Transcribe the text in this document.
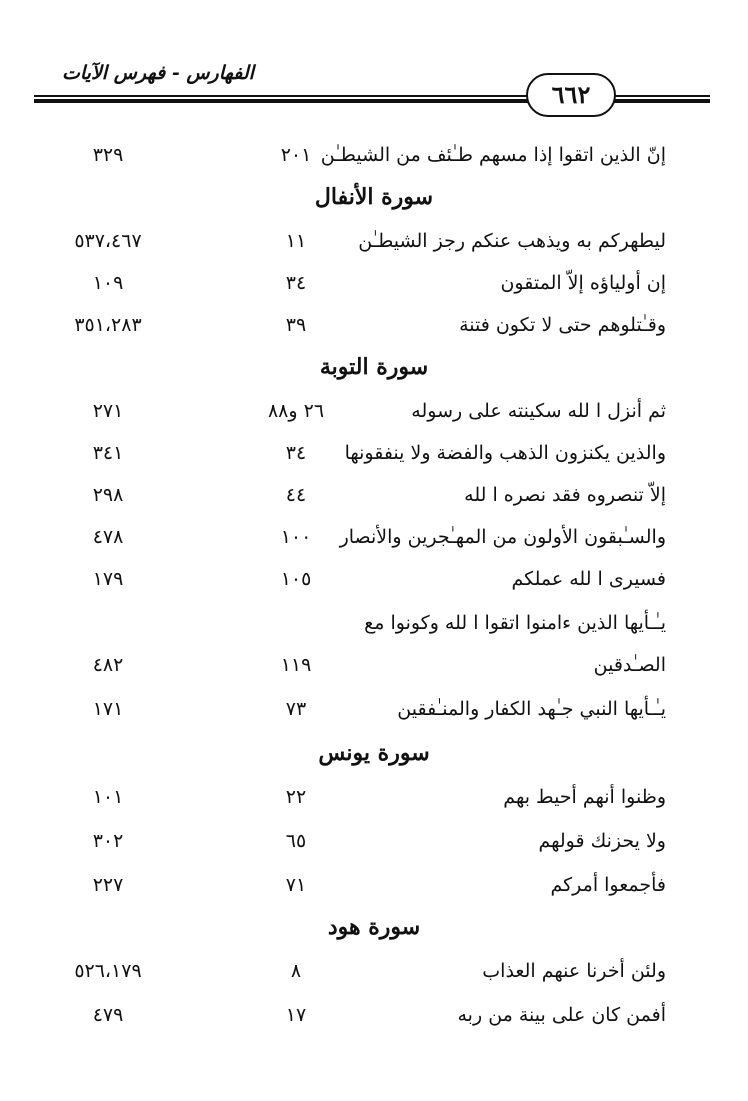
الفهارس - فهرس الآيات
٦٦٢
إنّ الذين اتقوا إذا مسهم طـٰئف من الشيطـٰن
٢٠١
٣٢٩
سورة الأنفال
ليطهركم به ويذهب عنكم رجز الشيطـٰن
١١
٥٣٧،٤٦٧
إن أولياؤه إلاّ المتقون
٣٤
١٠٩
وقـٰتلوهم حتى لا تكون فتنة
٣٩
٣٥١،٢٨٣
سورة التوبة
ثم أنزل ا لله سكينته على رسوله
٢٦ و٨٨
٢٧١
والذين يكنزون الذهب والفضة ولا ينفقونها
٣٤
٣٤١
إلاّ تنصروه فقد نصره ا لله
٤٤
٢٩٨
والسـٰبقون الأولون من المهـٰجرين والأنصار
١٠٠
٤٧٨
فسيرى ا لله عملكم
١٠٥
١٧٩
يـٰـأيها الذين ءامنوا اتقوا ا لله وكونوا مع
الصـٰدقين
١١٩
٤٨٢
يـٰـأيها النبي جـٰهد الكفار والمنـٰفقين
٧٣
١٧١
سورة يونس
وظنوا أنهم أحيط بهم
٢٢
١٠١
ولا يحزنك قولهم
٦٥
٣٠٢
فأجمعوا أمركم
٧١
٢٢٧
سورة هود
ولئن أخرنا عنهم العذاب
٨
٥٢٦،١٧٩
أفمن كان على بينة من ربه
١٧
٤٧٩
